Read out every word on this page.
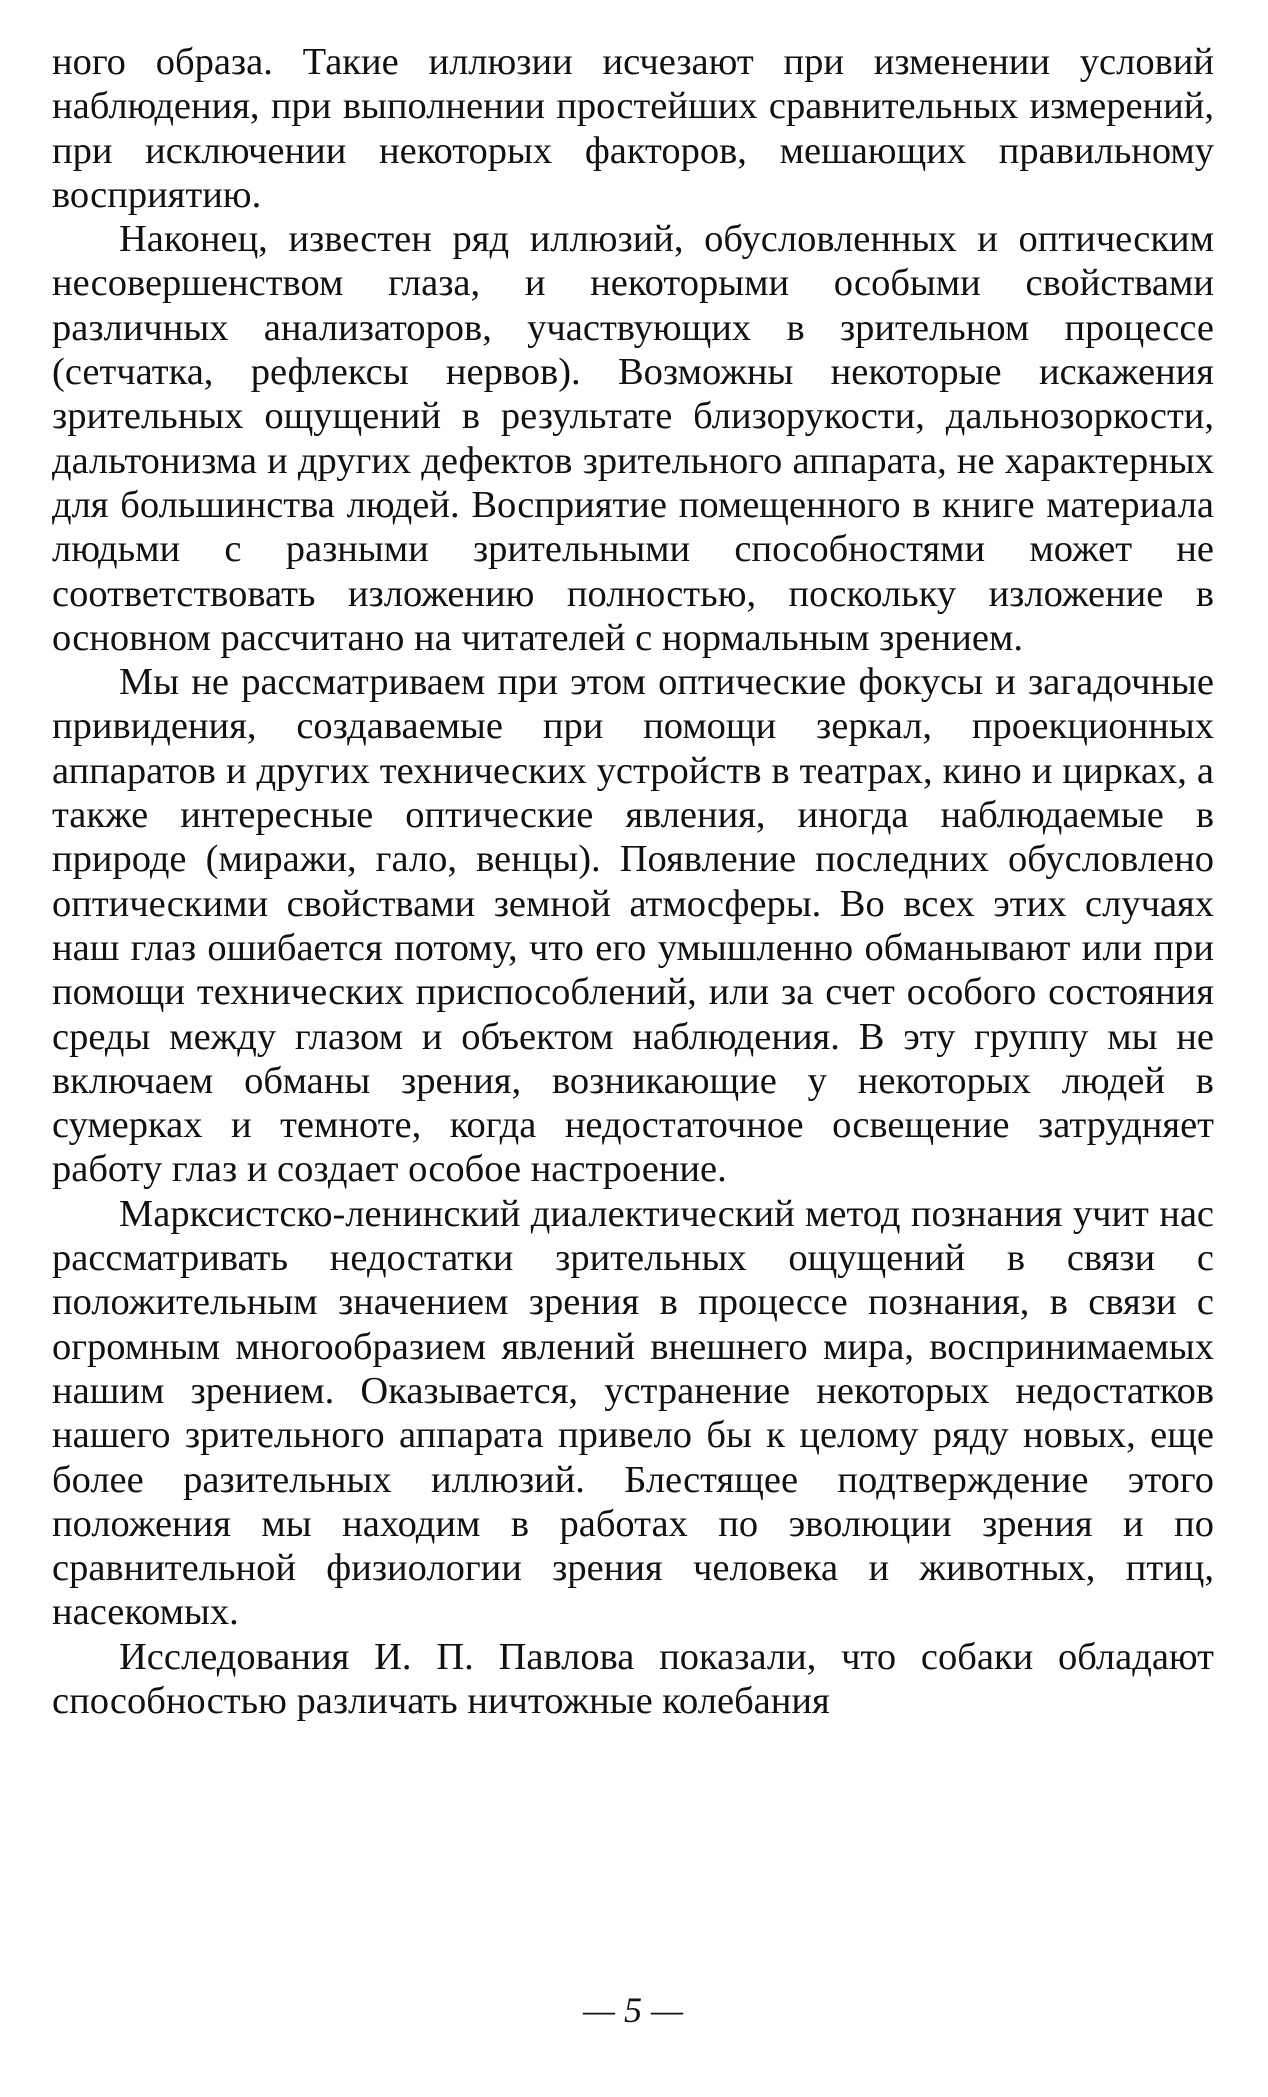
ного образа. Такие иллюзии исчезают при изменении условий наблюдения, при выполнении простейших сравнительных измерений, при исключении некоторых факторов, мешающих правильному восприятию.

Наконец, известен ряд иллюзий, обусловленных и оптическим несовершенством глаза, и некоторыми особыми свойствами различных анализаторов, участвующих в зрительном процессе (сетчатка, рефлексы нервов). Возможны некоторые искажения зрительных ощущений в результате близорукости, дальнозоркости, дальтонизма и других дефектов зрительного аппарата, не характерных для большинства людей. Восприятие помещенного в книге материала людьми с разными зрительными способностями может не соответствовать изложению полностью, поскольку изложение в основном рассчитано на читателей с нормальным зрением.

Мы не рассматриваем при этом оптические фокусы и загадочные привидения, создаваемые при помощи зеркал, проекционных аппаратов и других технических устройств в театрах, кино и цирках, а также интересные оптические явления, иногда наблюдаемые в природе (миражи, гало, венцы). Появление последних обусловлено оптическими свойствами земной атмосферы. Во всех этих случаях наш глаз ошибается потому, что его умышленно обманывают или при помощи технических приспособлений, или за счет особого состояния среды между глазом и объектом наблюдения. В эту группу мы не включаем обманы зрения, возникающие у некоторых людей в сумерках и темноте, когда недостаточное освещение затрудняет работу глаз и создает особое настроение.

Марксистско-ленинский диалектический метод познания учит нас рассматривать недостатки зрительных ощущений в связи с положительным значением зрения в процессе познания, в связи с огромным многообразием явлений внешнего мира, воспринимаемых нашим зрением. Оказывается, устранение некоторых недостатков нашего зрительного аппарата привело бы к целому ряду новых, еще более разительных иллюзий. Блестящее подтверждение этого положения мы находим в работах по эволюции зрения и по сравнительной физиологии зрения человека и животных, птиц, насекомых.

Исследования И. П. Павлова показали, что собаки обладают способностью различать ничтожные колебания

— 5 —
